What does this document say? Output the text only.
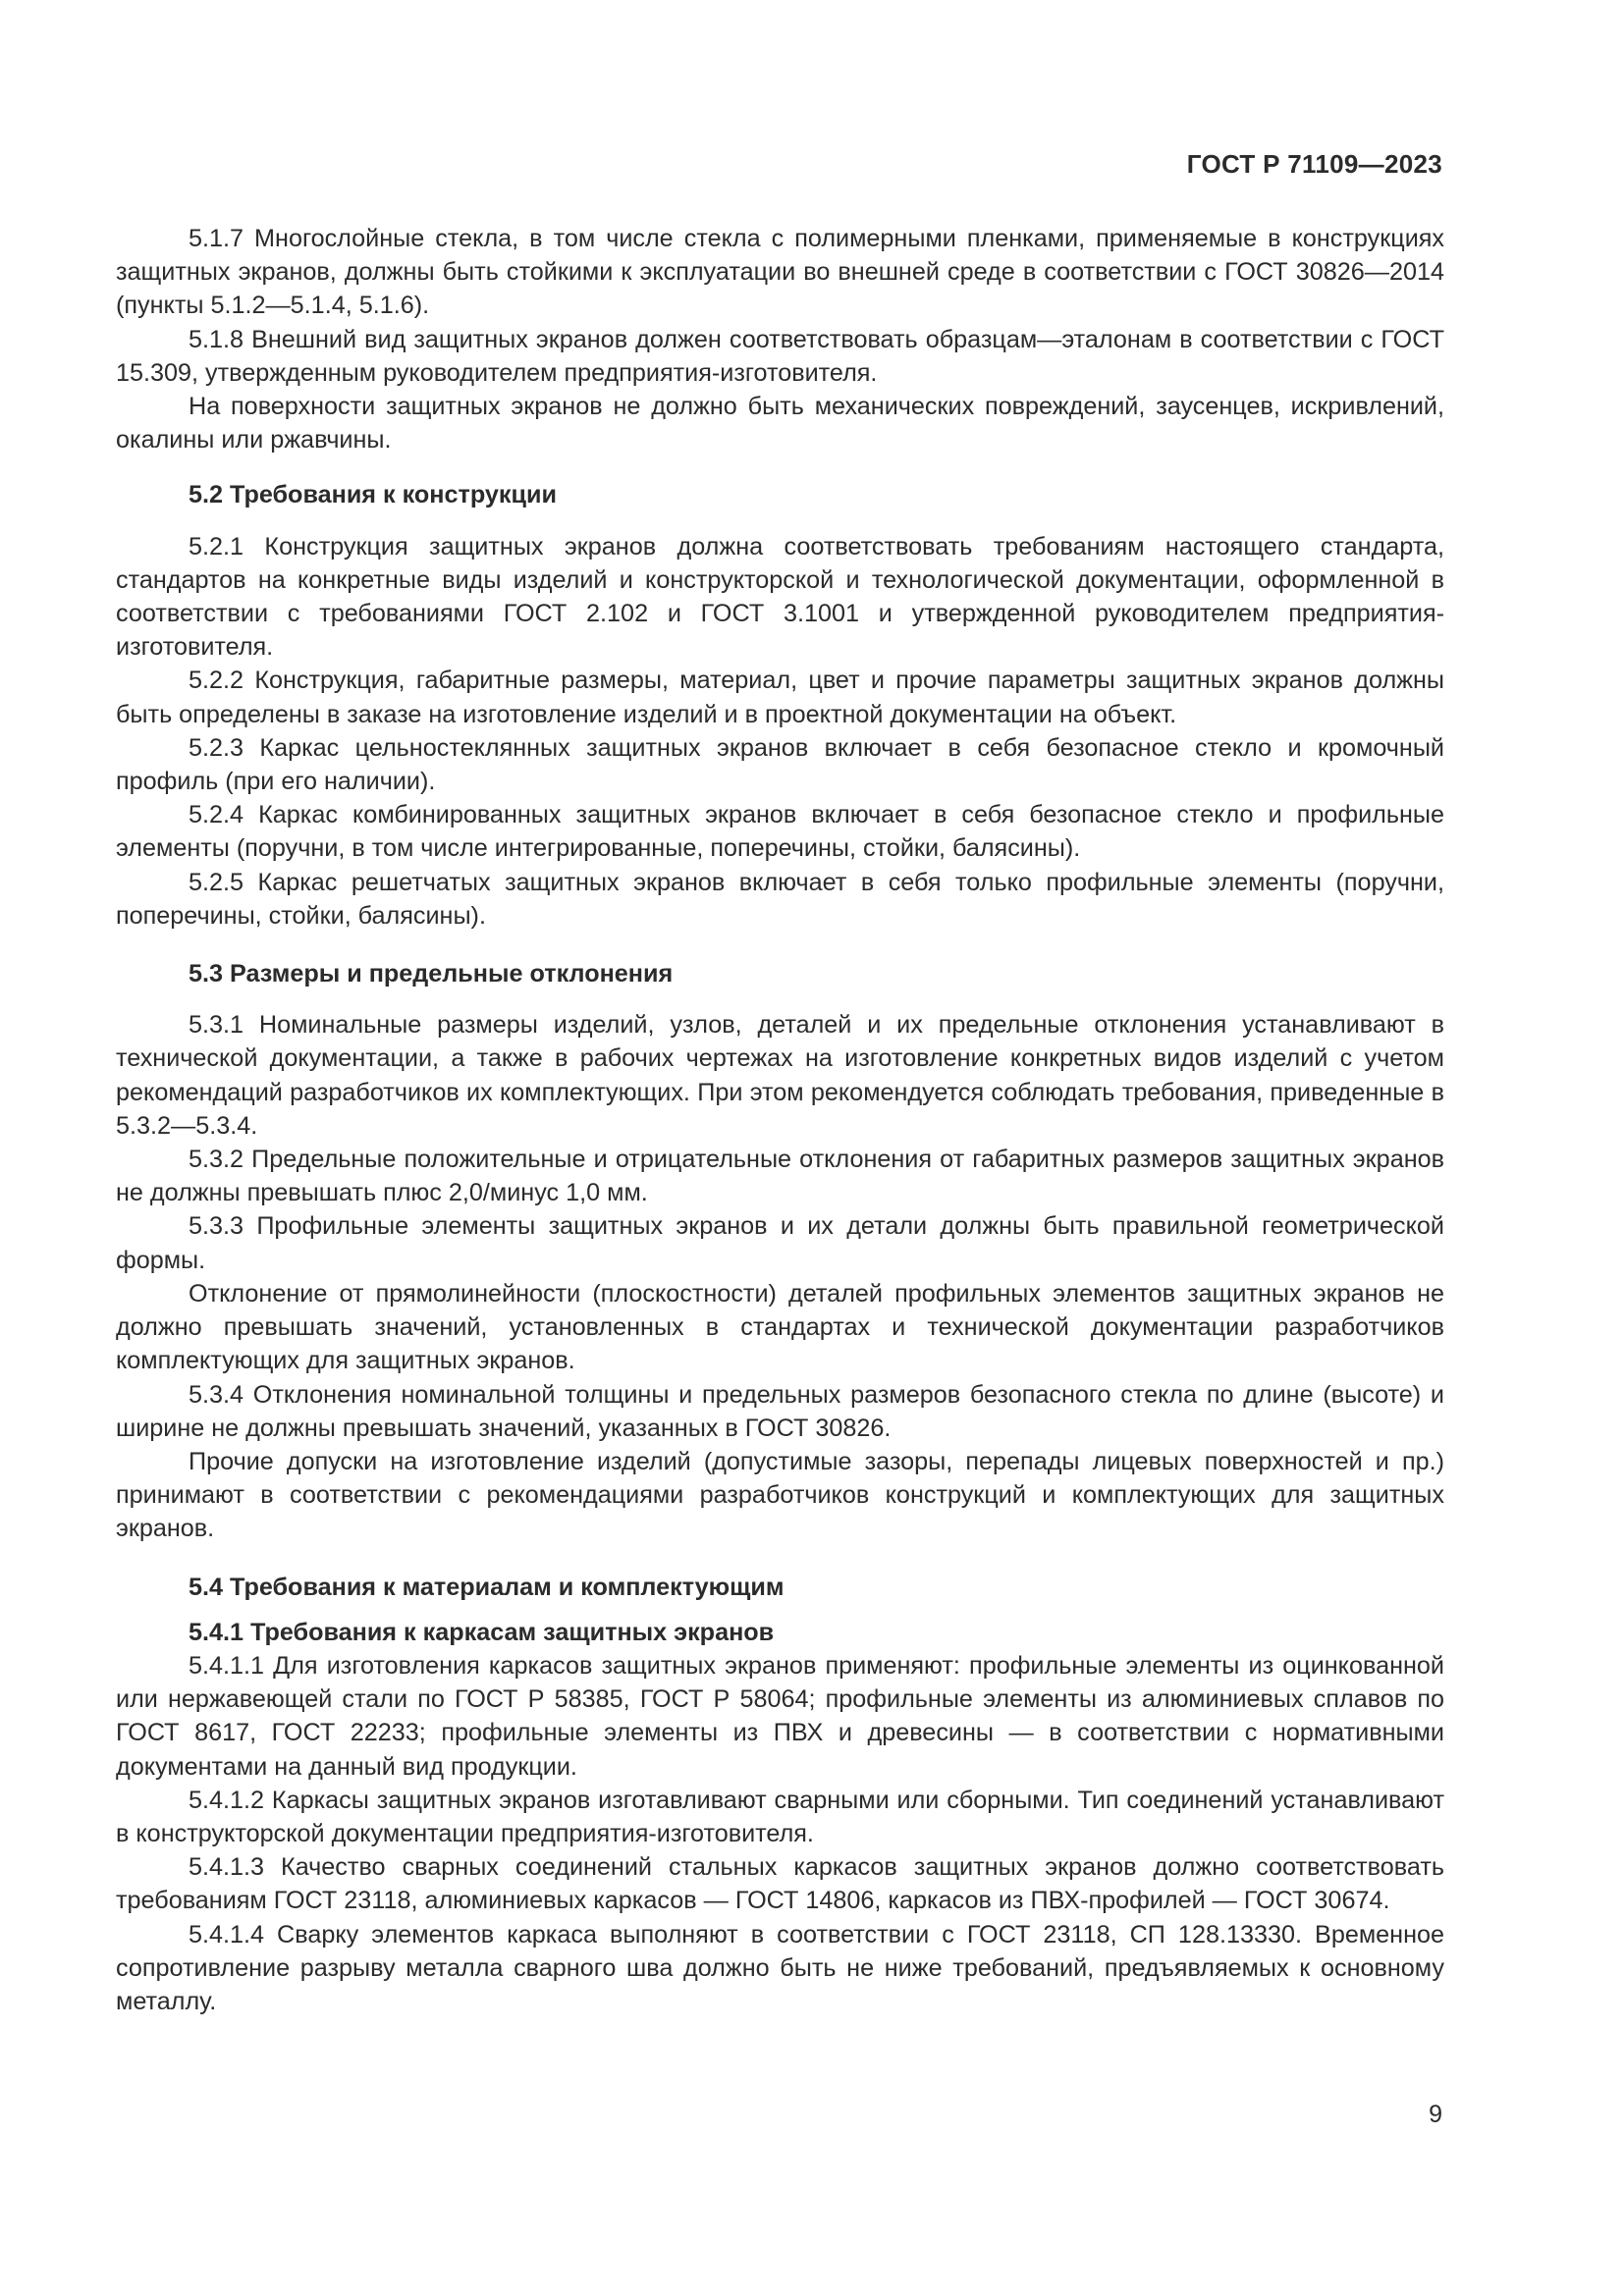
ГОСТ Р 71109—2023

5.1.7 Многослойные стекла, в том числе стекла с полимерными пленками, применяемые в конструкциях защитных экранов, должны быть стойкими к эксплуатации во внешней среде в соответствии с ГОСТ 30826—2014 (пункты 5.1.2—5.1.4, 5.1.6).

5.1.8 Внешний вид защитных экранов должен соответствовать образцам—эталонам в соответствии с ГОСТ 15.309, утвержденным руководителем предприятия-изготовителя.

На поверхности защитных экранов не должно быть механических повреждений, заусенцев, искривлений, окалины или ржавчины.

5.2 Требования к конструкции

5.2.1 Конструкция защитных экранов должна соответствовать требованиям настоящего стандарта, стандартов на конкретные виды изделий и конструкторской и технологической документации, оформленной в соответствии с требованиями ГОСТ 2.102 и ГОСТ 3.1001 и утвержденной руководителем предприятия-изготовителя.

5.2.2 Конструкция, габаритные размеры, материал, цвет и прочие параметры защитных экранов должны быть определены в заказе на изготовление изделий и в проектной документации на объект.

5.2.3 Каркас цельностеклянных защитных экранов включает в себя безопасное стекло и кромочный профиль (при его наличии).

5.2.4 Каркас комбинированных защитных экранов включает в себя безопасное стекло и профильные элементы (поручни, в том числе интегрированные, поперечины, стойки, балясины).

5.2.5 Каркас решетчатых защитных экранов включает в себя только профильные элементы (поручни, поперечины, стойки, балясины).

5.3 Размеры и предельные отклонения

5.3.1 Номинальные размеры изделий, узлов, деталей и их предельные отклонения устанавливают в технической документации, а также в рабочих чертежах на изготовление конкретных видов изделий с учетом рекомендаций разработчиков их комплектующих. При этом рекомендуется соблюдать требования, приведенные в 5.3.2—5.3.4.

5.3.2 Предельные положительные и отрицательные отклонения от габаритных размеров защитных экранов не должны превышать плюс 2,0/минус 1,0 мм.

5.3.3 Профильные элементы защитных экранов и их детали должны быть правильной геометрической формы.

Отклонение от прямолинейности (плоскостности) деталей профильных элементов защитных экранов не должно превышать значений, установленных в стандартах и технической документации разработчиков комплектующих для защитных экранов.

5.3.4 Отклонения номинальной толщины и предельных размеров безопасного стекла по длине (высоте) и ширине не должны превышать значений, указанных в ГОСТ 30826.

Прочие допуски на изготовление изделий (допустимые зазоры, перепады лицевых поверхностей и пр.) принимают в соответствии с рекомендациями разработчиков конструкций и комплектующих для защитных экранов.

5.4 Требования к материалам и комплектующим
5.4.1 Требования к каркасам защитных экранов

5.4.1.1 Для изготовления каркасов защитных экранов применяют: профильные элементы из оцинкованной или нержавеющей стали по ГОСТ Р 58385, ГОСТ Р 58064; профильные элементы из алюминиевых сплавов по ГОСТ 8617, ГОСТ 22233; профильные элементы из ПВХ и древесины — в соответствии с нормативными документами на данный вид продукции.

5.4.1.2 Каркасы защитных экранов изготавливают сварными или сборными. Тип соединений устанавливают в конструкторской документации предприятия-изготовителя.

5.4.1.3 Качество сварных соединений стальных каркасов защитных экранов должно соответствовать требованиям ГОСТ 23118, алюминиевых каркасов — ГОСТ 14806, каркасов из ПВХ-профилей — ГОСТ 30674.

5.4.1.4 Сварку элементов каркаса выполняют в соответствии с ГОСТ 23118, СП 128.13330. Временное сопротивление разрыву металла сварного шва должно быть не ниже требований, предъявляемых к основному металлу.

9
